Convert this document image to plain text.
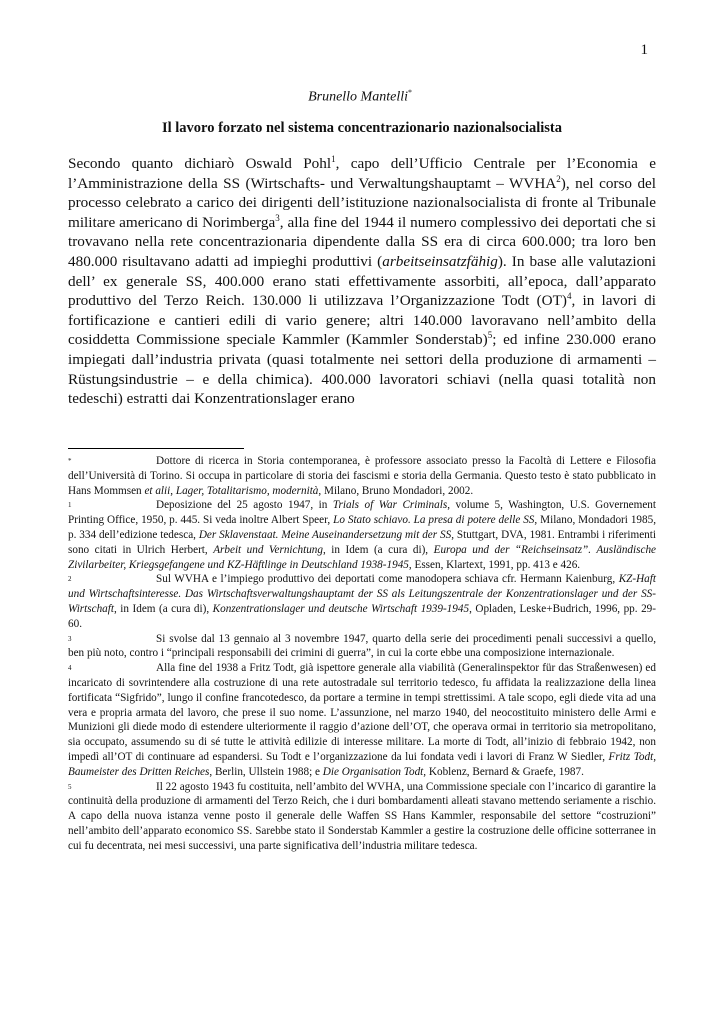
1
Brunello Mantelli*
Il lavoro forzato nel sistema concentrazionario nazionalsocialista
Secondo quanto dichiarò Oswald Pohl$^1$, capo dell’Ufficio Centrale per l’Economia e l’Amministrazione della SS (Wirtschafts- und Verwaltungshauptamt – WVHA$^2$), nel corso del processo celebrato a carico dei dirigenti dell’istituzione nazionalsocialista di fronte al Tribunale militare americano di Norimberga$^3$, alla fine del 1944 il numero complessivo dei deportati che si trovavano nella rete concentrazionaria dipendente dalla SS era di circa 600.000; tra loro ben 480.000 risultavano adatti ad impieghi produttivi (arbeitseinsatzfähig). In base alle valutazioni dell’ ex generale SS, 400.000 erano stati effettivamente assorbiti, all’epoca, dall’apparato produttivo del Terzo Reich. 130.000 li utilizzava l’Organizzazione Todt (OT)$^4$, in lavori di fortificazione e cantieri edili di vario genere; altri 140.000 lavoravano nell’ambito della cosiddetta Commissione speciale Kammler (Kammler Sonderstab)$^5$; ed infine 230.000 erano impiegati dall’industria privata (quasi totalmente nei settori della produzione di armamenti – Rüstungsindustrie – e della chimica). 400.000 lavoratori schiavi (nella quasi totalità non tedeschi) estratti dai Konzentrationslager erano

*	Dottore di ricerca in Storia contemporanea, è professore associato presso la Facoltà di Lettere e Filosofia dell’Università di Torino. Si occupa in particolare di storia dei fascismi e storia della Germania. Questo testo è stato pubblicato in Hans Mommsen et alii, Lager, Totalitarismo, modernità, Milano, Bruno Mondadori, 2002.

1	Deposizione del 25 agosto 1947, in Trials of War Criminals, volume 5, Washington, U.S. Governement Printing Office, 1950, p. 445. Si veda inoltre Albert Speer, Lo Stato schiavo. La presa di potere delle SS, Milano, Mondadori 1985, p. 334 dell’edizione tedesca, Der Sklavenstaat. Meine Auseinandersetzung mit der SS, Stuttgart, DVA, 1981. Entrambi i riferimenti sono citati in Ulrich Herbert, Arbeit und Vernichtung, in Idem (a cura di), Europa und der “Reichseinsatz”. Ausländische Zivilarbeiter, Kriegsgefangene und KZ-Häftlinge in Deutschland 1938-1945, Essen, Klartext, 1991, pp. 413 e 426.

2	Sul WVHA e l’impiego produttivo dei deportati come manodopera schiava cfr. Hermann Kaienburg, KZ-Haft und Wirtschaftsinteresse. Das Wirtschaftsverwaltungshauptamt der SS als Leitungszentrale der Konzentrationslager und der SS-Wirtschaft, in Idem (a cura di), Konzentrationslager und deutsche Wirtschaft 1939-1945, Opladen, Leske+Budrich, 1996, pp. 29-60.

3	Si svolse dal 13 gennaio al 3 novembre 1947, quarto della serie dei procedimenti penali successivi a quello, ben più noto, contro i “principali responsabili dei crimini di guerra”, in cui la corte ebbe una composizione internazionale.

4	Alla fine del 1938 a Fritz Todt, già ispettore generale alla viabilità (Generalinspektor für das Straßenwesen) ed incaricato di sovrintendere alla costruzione di una rete autostradale sul territorio tedesco, fu affidata la realizzazione della linea fortificata “Sigfrido”, lungo il confine francotedesco, da portare a termine in tempi strettissimi. A tale scopo, egli diede vita ad una vera e propria armata del lavoro, che prese il suo nome. L’assunzione, nel marzo 1940, del neocostituito ministero delle Armi e Munizioni gli diede modo di estendere ulteriormente il raggio d’azione dell’OT, che operava ormai in territorio sia metropolitano, sia occupato, assumendo su di sé tutte le attività edilizie di interesse militare. La morte di Todt, all’inizio di febbraio 1942, non impedì all’OT di continuare ad espandersi. Su Todt e l’organizzazione da lui fondata vedi i lavori di Franz W Siedler, Fritz Todt, Baumeister des Dritten Reiches, Berlin, Ullstein 1988; e Die Organisation Todt, Koblenz, Bernard & Graefe, 1987.

5	Il 22 agosto 1943 fu costituita, nell’ambito del WVHA, una Commissione speciale con l’incarico di garantire la continuità della produzione di armamenti del Terzo Reich, che i duri bombardamenti alleati stavano mettendo seriamente a rischio. A capo della nuova istanza venne posto il generale delle Waffen SS Hans Kammler, responsabile del settore “costruzioni” nell’ambito dell’apparato economico SS. Sarebbe stato il Sonderstab Kammler a gestire la costruzione delle officine sotterranee in cui fu decentrata, nei mesi successivi, una parte significativa dell’industria militare tedesca.
